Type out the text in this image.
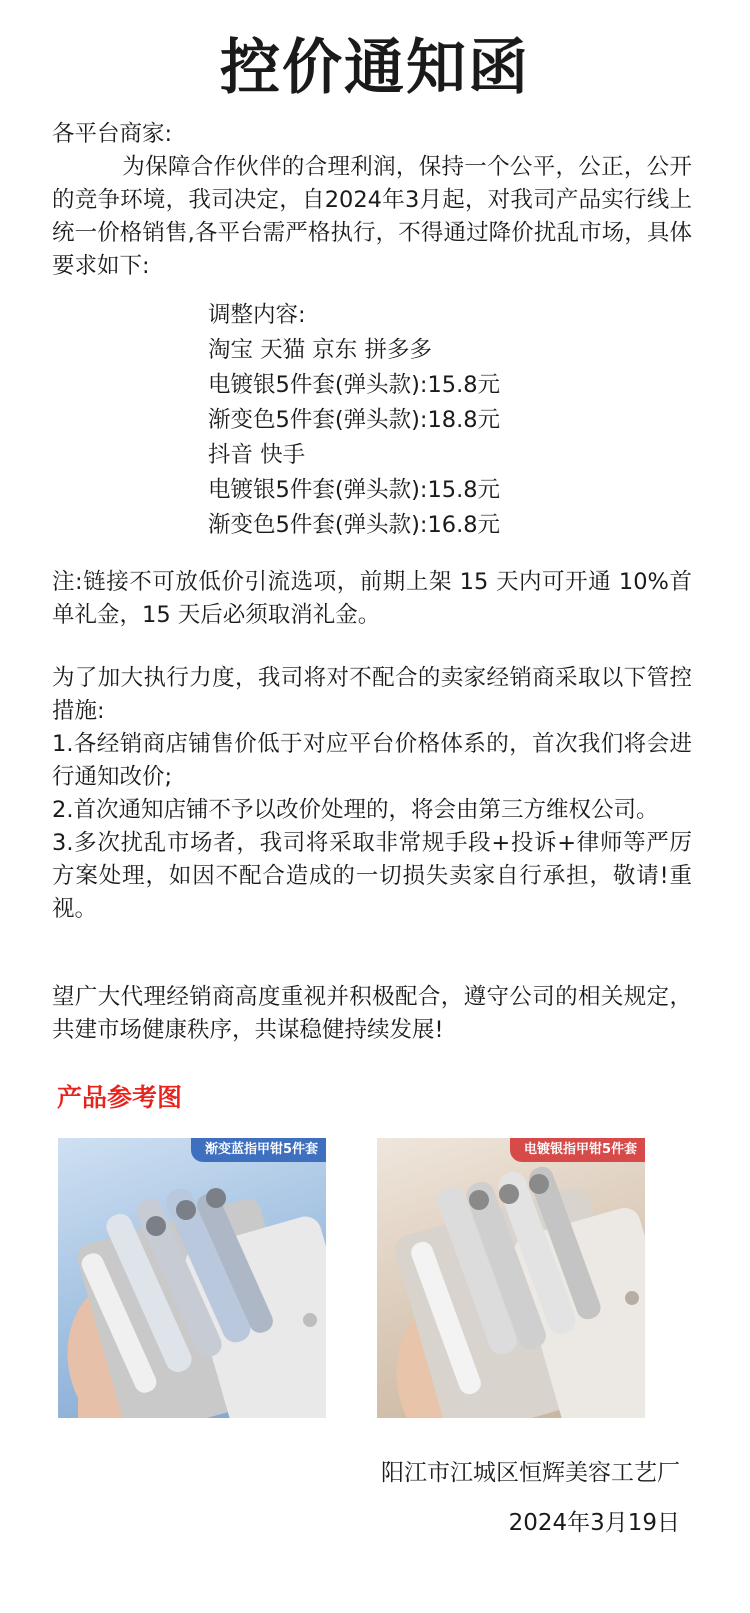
控价通知函

各平台商家:

为保障合作伙伴的合理利润，保持一个公平，公正，公开的竞争环境，我司决定，自2024年3月起，对我司产品实行线上统一价格销售,各平台需严格执行，不得通过降价扰乱市场，具体要求如下:

调整内容:
淘宝 天猫 京东 拼多多
电镀银5件套(弹头款):15.8元
渐变色5件套(弹头款):18.8元
抖音 快手
电镀银5件套(弹头款):15.8元
渐变色5件套(弹头款):16.8元

注:链接不可放低价引流选项，前期上架 15 天内可开通 10%首单礼金，15 天后必须取消礼金。

为了加大执行力度，我司将对不配合的卖家经销商采取以下管控措施:
1.各经销商店铺售价低于对应平台价格体系的，首次我们将会进行通知改价;
2.首次通知店铺不予以改价处理的，将会由第三方维权公司。
3.多次扰乱市场者，我司将采取非常规手段+投诉+律师等严厉方案处理，如因不配合造成的一切损失卖家自行承担，敬请!重视。

望广大代理经销商高度重视并积极配合，遵守公司的相关规定，共建市场健康秩序，共谋稳健持续发展!

产品参考图
渐变蓝指甲钳5件套	电镀银指甲钳5件套
阳江市江城区恒辉美容工艺厂
2024年3月19日
